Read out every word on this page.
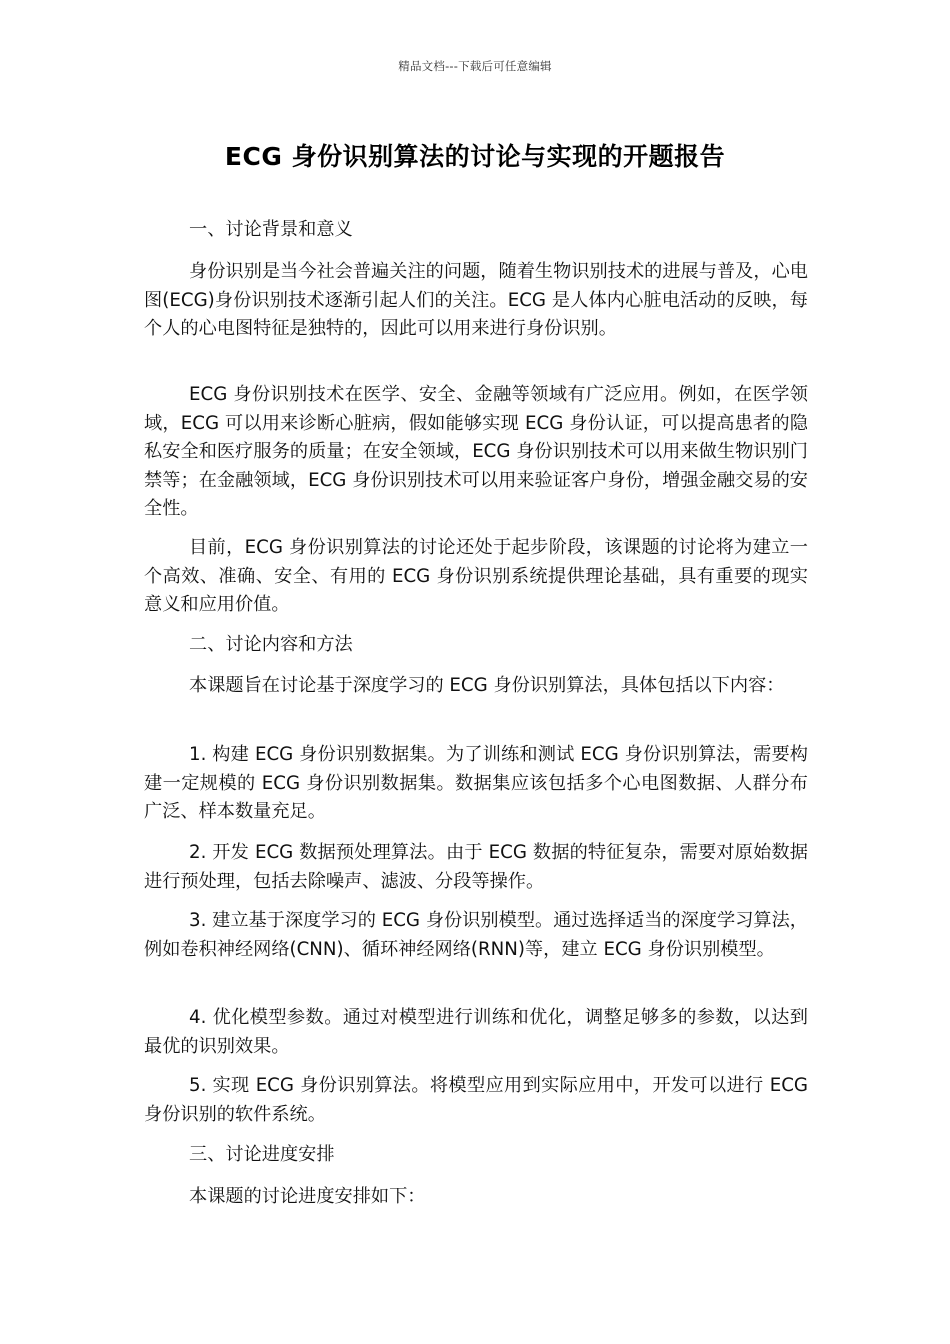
精品文档---下载后可任意编辑
ECG 身份识别算法的讨论与实现的开题报告

一、讨论背景和意义

身份识别是当今社会普遍关注的问题，随着生物识别技术的进展与普及，心电图(ECG)身份识别技术逐渐引起人们的关注。ECG 是人体内心脏电活动的反映，每个人的心电图特征是独特的，因此可以用来进行身份识别。

ECG 身份识别技术在医学、安全、金融等领域有广泛应用。例如，在医学领域，ECG 可以用来诊断心脏病，假如能够实现 ECG 身份认证，可以提高患者的隐私安全和医疗服务的质量；在安全领域，ECG 身份识别技术可以用来做生物识别门禁等；在金融领域，ECG 身份识别技术可以用来验证客户身份，增强金融交易的安全性。

目前，ECG 身份识别算法的讨论还处于起步阶段，该课题的讨论将为建立一个高效、准确、安全、有用的 ECG 身份识别系统提供理论基础，具有重要的现实意义和应用价值。

二、讨论内容和方法

本课题旨在讨论基于深度学习的 ECG 身份识别算法，具体包括以下内容：

1. 构建 ECG 身份识别数据集。为了训练和测试 ECG 身份识别算法，需要构建一定规模的 ECG 身份识别数据集。数据集应该包括多个心电图数据、人群分布广泛、样本数量充足。

2. 开发 ECG 数据预处理算法。由于 ECG 数据的特征复杂，需要对原始数据进行预处理，包括去除噪声、滤波、分段等操作。

3. 建立基于深度学习的 ECG 身份识别模型。通过选择适当的深度学习算法，例如卷积神经网络(CNN)、循环神经网络(RNN)等，建立 ECG 身份识别模型。

4. 优化模型参数。通过对模型进行训练和优化，调整足够多的参数，以达到最优的识别效果。

5. 实现 ECG 身份识别算法。将模型应用到实际应用中，开发可以进行 ECG 身份识别的软件系统。

三、讨论进度安排

本课题的讨论进度安排如下：
